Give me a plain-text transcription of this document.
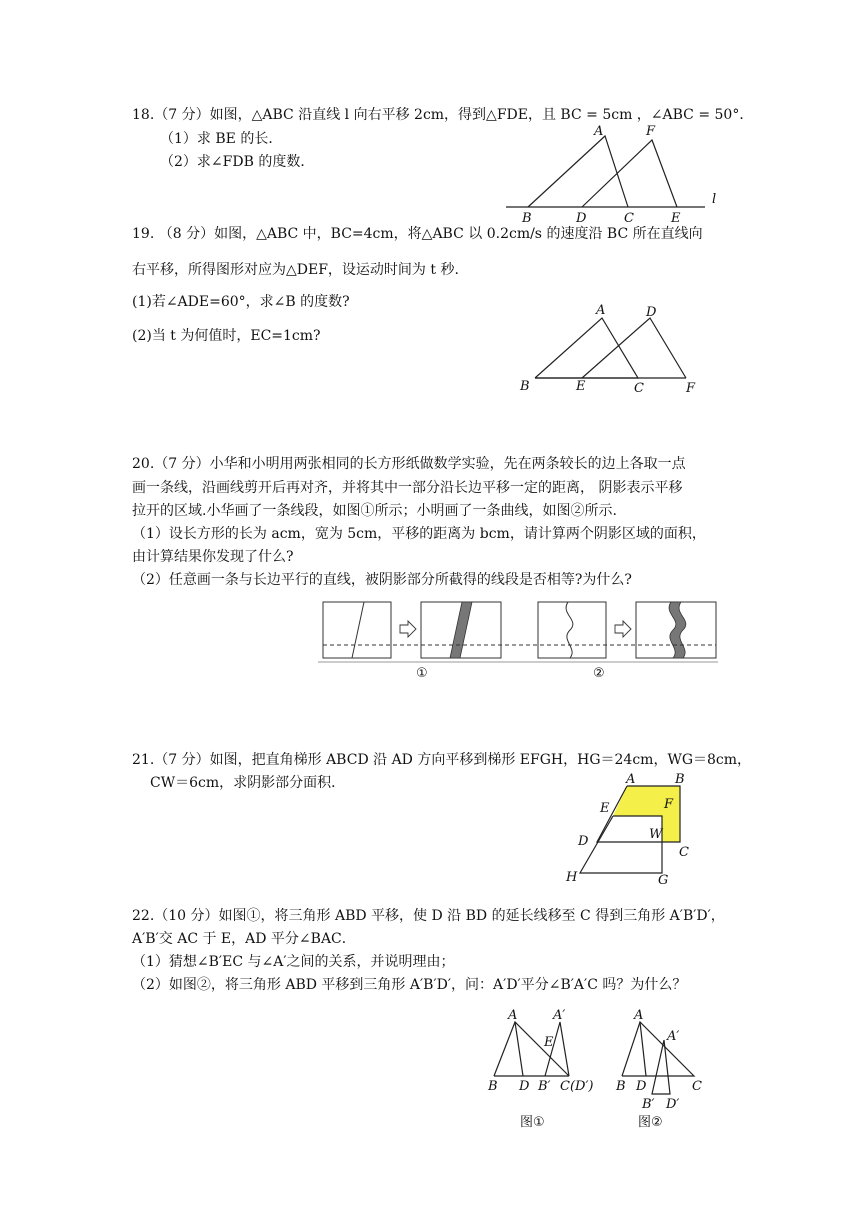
18.（7 分）如图，△ABC 沿直线 l 向右平移 2cm，得到△FDE，且 BC = 5cm ，∠ABC = 50°．
（1）求 BE 的长．
（2）求∠FDB 的度数．
A	F
l
B	D	C	E
19. （8 分）如图，△ABC 中，BC=4cm，将△ABC 以 0.2cm/s 的速度沿 BC 所在直线向
右平移，所得图形对应为△DEF，设运动时间为 t 秒.
(1)若∠ADE=60°，求∠B 的度数?
(2)当 t 为何值时，EC=1cm?
A	D
B	E	C	F
20.（7 分）小华和小明用两张相同的长方形纸做数学实验，先在两条较长的边上各取一点
画一条线，沿画线剪开后再对齐，并将其中一部分沿长边平移一定的距离， 阴影表示平移
拉开的区域.小华画了一条线段，如图①所示；小明画了一条曲线，如图②所示.
（1）设长方形的长为 acm，宽为 5cm，平移的距离为 bcm，请计算两个阴影区域的面积，
由计算结果你发现了什么?
（2）任意画一条与长边平行的直线，被阴影部分所截得的线段是否相等?为什么?
①	②
21.（7 分）如图，把直角梯形 ABCD 沿 AD 方向平移到梯形 EFGH，HG＝24cm，WG＝8cm，
CW＝6cm，求阴影部分面积．	A	B
E	F
D	W
C
H	G
22.（10 分）如图①，将三角形 ABD 平移，使 D 沿 BD 的延长线移至 C 得到三角形 A′B′D′，
A′B′交 AC 于 E，AD 平分∠BAC．
（1）猜想∠B′EC 与∠A′之间的关系，并说明理由；
（2）如图②，将三角形 ABD 平移到三角形 A′B′D′，问：A′D′平分∠B′A′C 吗？为什么？
A	A′
E
B D B′ C(D′)
图①
A
A′
B D	C
B′ D′
图②
